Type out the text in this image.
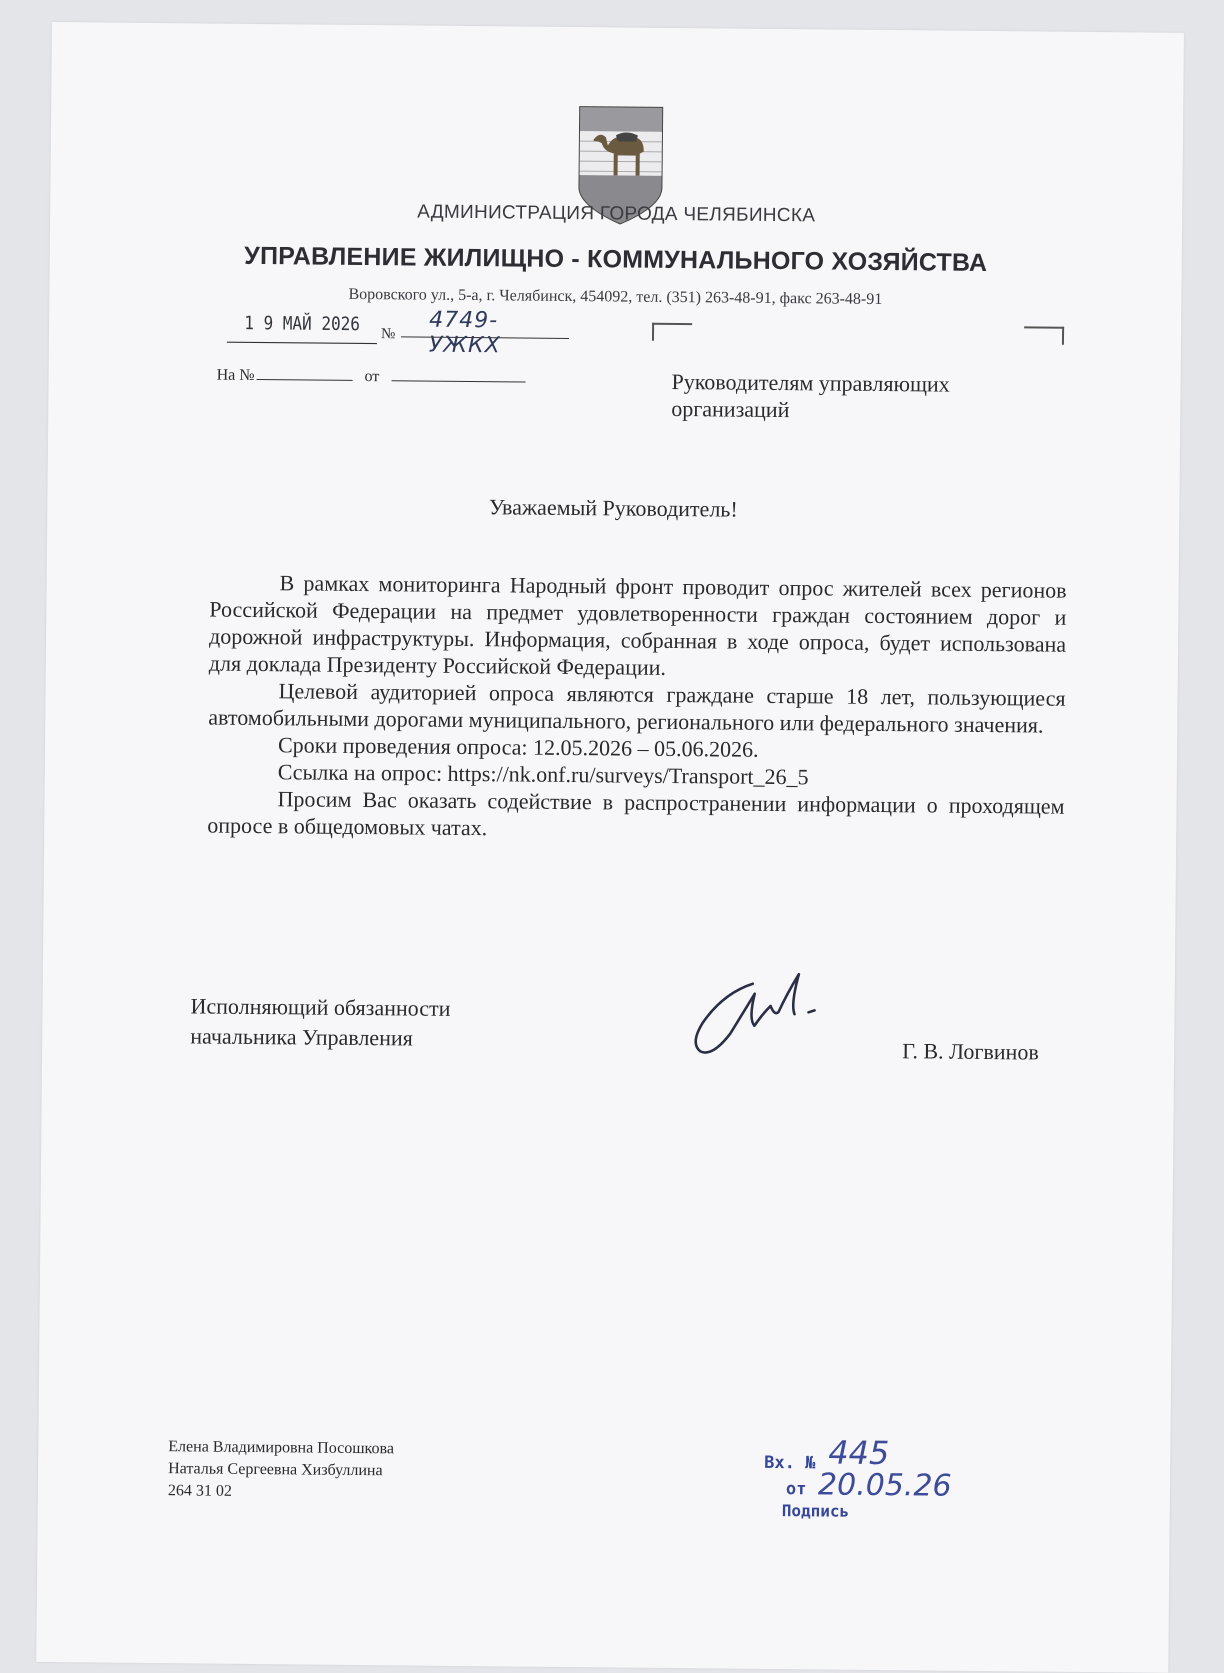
АДМИНИСТРАЦИЯ ГОРОДА ЧЕЛЯБИНСКА
УПРАВЛЕНИЕ ЖИЛИЩНО - КОММУНАЛЬНОГО ХОЗЯЙСТВА
Воровского ул., 5-а, г. Челябинск, 454092, тел. (351) 263-48-91, факс 263-48-91
1 9 МАЙ 2026	№
4749-УЖКХ
На №	от	Руководителям управляющих организаций
Уважаемый Руководитель!

В рамках мониторинга Народный фронт проводит опрос жителей всех регионов Российской Федерации на предмет удовлетворенности граждан состоянием дорог и дорожной инфраструктуры. Информация, собранная в ходе опроса, будет использована для доклада Президенту Российской Федерации.

Целевой аудиторией опроса являются граждане старше 18 лет, пользующиеся автомобильными дорогами муниципального, регионального или федерального значения.

Сроки проведения опроса: 12.05.2026 – 05.06.2026.

Ссылка на опрос: https://nk.onf.ru/surveys/Transport_26_5

Просим Вас оказать содействие в распространении информации о проходящем опросе в общедомовых чатах.

Исполняющий обязанности
начальника Управления
Г. В. Логвинов
Елена Владимировна Посошкова
Наталья Сергеевна Хизбуллина
264 31 02
Вх. № 445
от 20.05.26
Подпись
